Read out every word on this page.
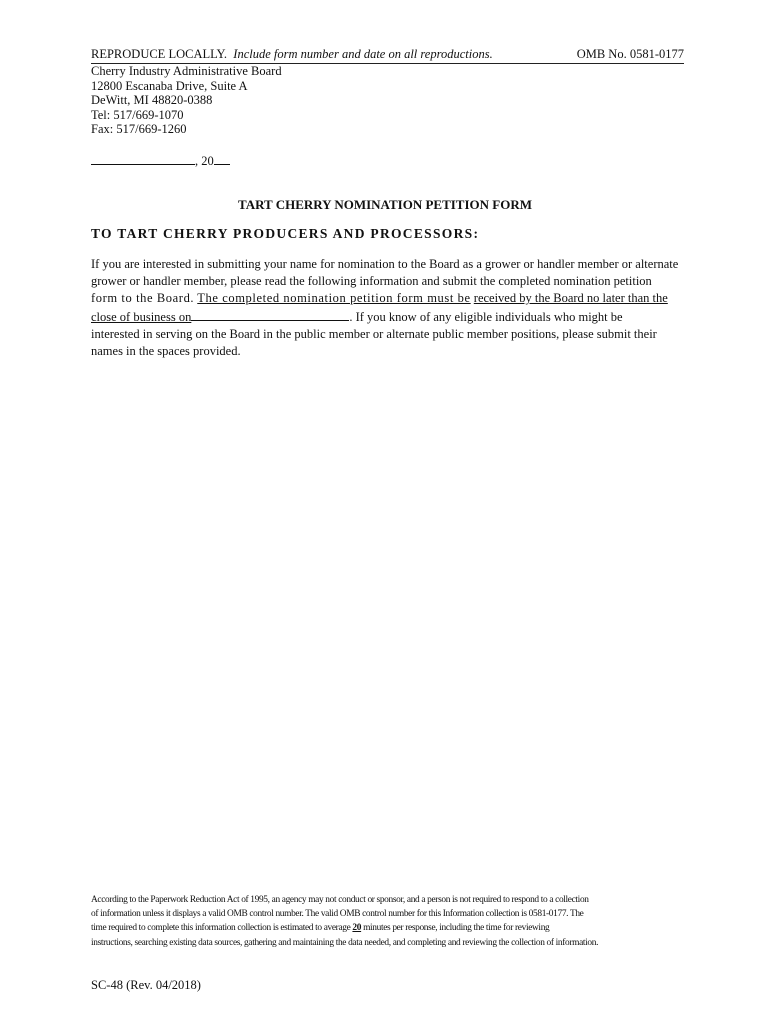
REPRODUCE LOCALLY. Include form number and date on all reproductions.	OMB No. 0581-0177
Cherry Industry Administrative Board
12800 Escanaba Drive, Suite A
DeWitt, MI 48820-0388
Tel: 517/669-1070
Fax: 517/669-1260
, 20
TART CHERRY NOMINATION PETITION FORM
TO TART CHERRY PRODUCERS AND PROCESSORS:
If you are interested in submitting your name for nomination to the Board as a grower or handler member or alternate
grower or handler member, please read the following information and submit the completed nomination petition
form to the Board. The completed nomination petition form must be received by the Board no later than the
close of business on	. If you know of any eligible individuals who might be
interested in serving on the Board in the public member or alternate public member positions, please submit their
names in the spaces provided.
According to the Paperwork Reduction Act of 1995, an agency may not conduct or sponsor, and a person is not required to respond to a collection
of information unless it displays a valid OMB control number. The valid OMB control number for this Information collection is 0581-0177. The
time required to complete this information collection is estimated to average 20 minutes per response, including the time for reviewing
instructions, searching existing data sources, gathering and maintaining the data needed, and completing and reviewing the collection of information.
SC-48 (Rev. 04/2018)
